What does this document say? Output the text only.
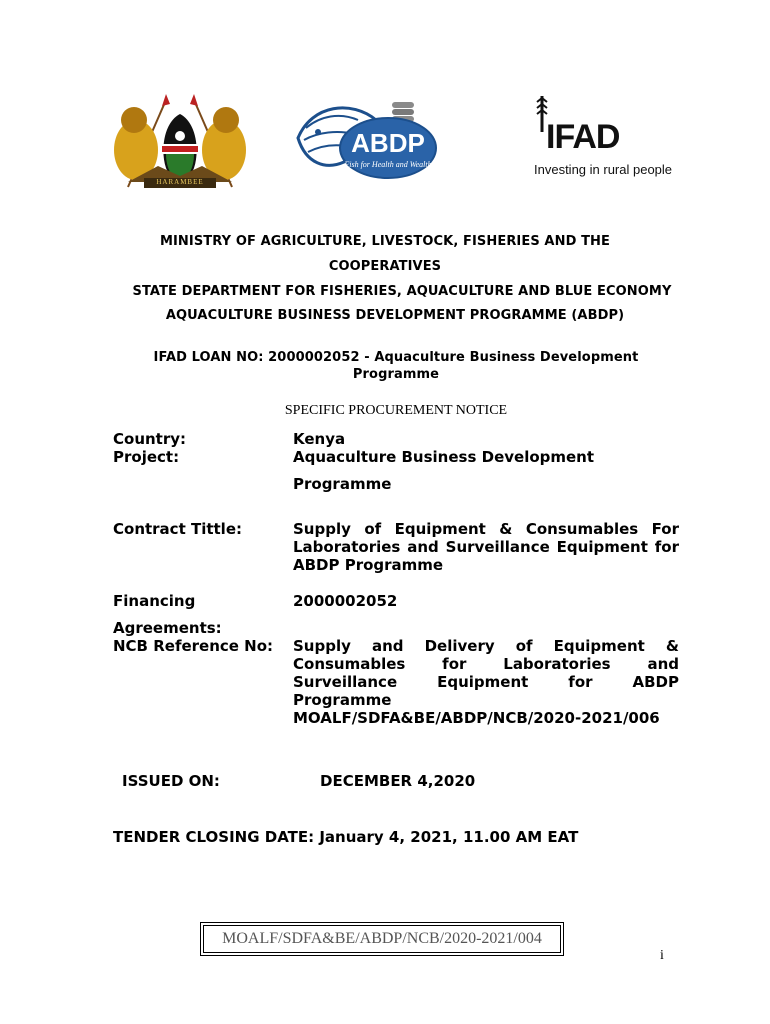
HARAMBEE
ABDP
Fish for Health and Wealth
IFAD
Investing in rural people
MINISTRY OF AGRICULTURE, LIVESTOCK, FISHERIES AND THE
COOPERATIVES
STATE DEPARTMENT FOR FISHERIES, AQUACULTURE AND BLUE ECONOMY
AQUACULTURE BUSINESS DEVELOPMENT PROGRAMME (ABDP)
IFAD LOAN NO: 2000002052 - Aquaculture Business Development
Programme
SPECIFIC PROCUREMENT NOTICE
Country:	Kenya
Project:	Aquaculture Business Development
Programme
Contract Tittle:	Supply of Equipment & Consumables For
Laboratories and Surveillance Equipment for
ABDP Programme
Financing	2000002052
Agreements:
NCB Reference No: Supply and Delivery of Equipment &
Consumables for Laboratories and
Surveillance Equipment for ABDP
Programme
MOALF/SDFA&BE/ABDP/NCB/2020-2021/006
ISSUED ON:	DECEMBER 4,2020
TENDER CLOSING DATE: January 4, 2021, 11.00 AM EAT
MOALF/SDFA&BE/ABDP/NCB/2020-2021/004
i
